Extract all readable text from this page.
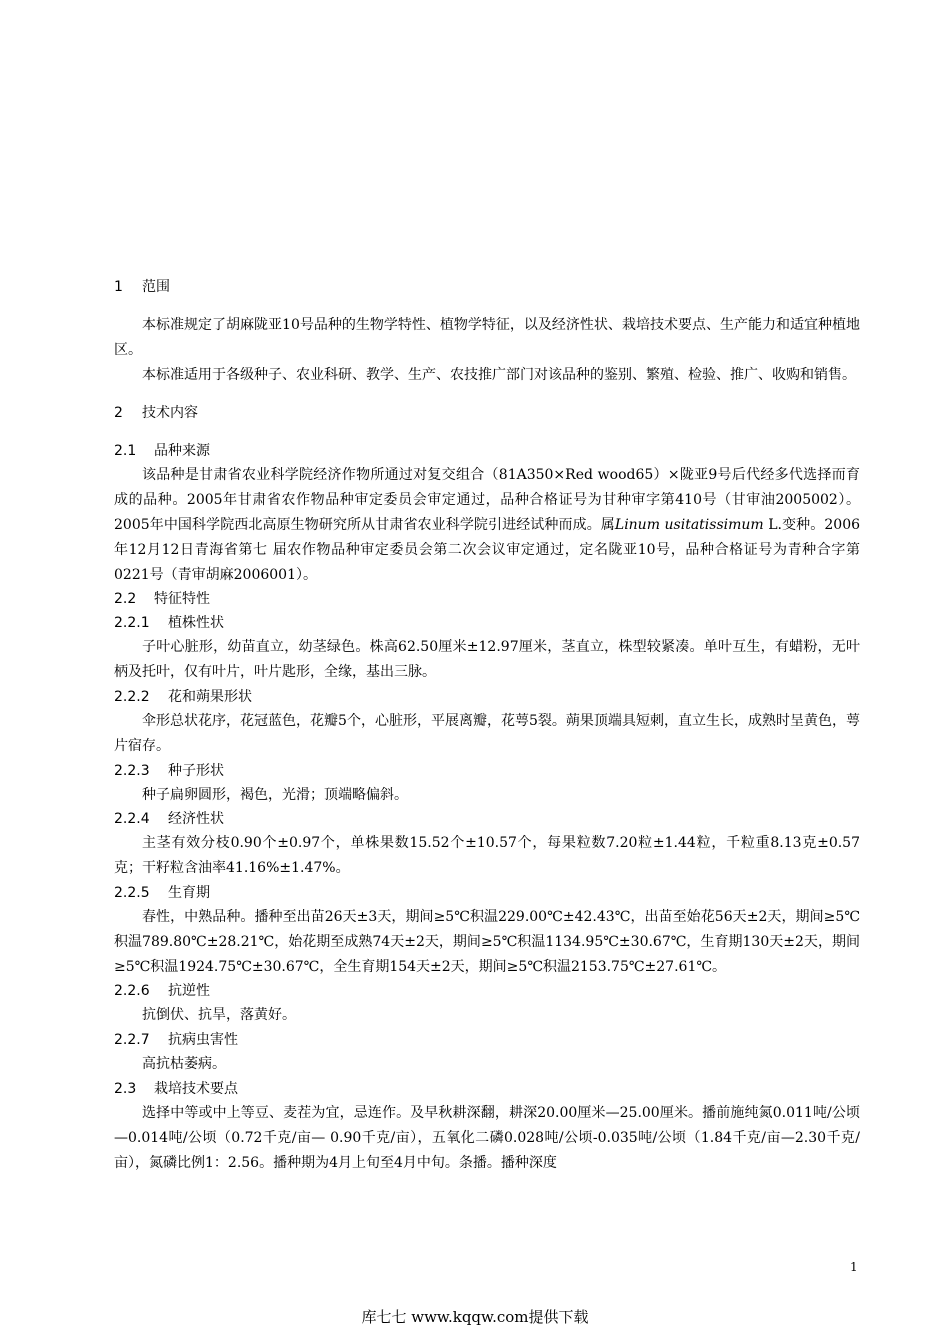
1 范围

本标准规定了胡麻陇亚10号品种的生物学特性、植物学特征，以及经济性状、栽培技术要点、生产能力和适宜种植地区。

本标准适用于各级种子、农业科研、教学、生产、农技推广部门对该品种的鉴别、繁殖、检验、推广、收购和销售。

2 技术内容
2.1 品种来源

该品种是甘肃省农业科学院经济作物所通过对复交组合（81A350×Red wood65）×陇亚9号后代经多代选择而育成的品种。2005年甘肃省农作物品种审定委员会审定通过，品种合格证号为甘种审字第410号（甘审油2005002）。2005年中国科学院西北高原生物研究所从甘肃省农业科学院引进经试种而成。属Linum usitatissimum L.变种。2006年12月12日青海省第七 届农作物品种审定委员会第二次会议审定通过，定名陇亚10号，品种合格证号为青种合字第0221号（青审胡麻2006001）。

2.2 特征特性
2.2.1 植株性状

子叶心脏形，幼苗直立，幼茎绿色。株高62.50厘米±12.97厘米，茎直立，株型较紧凑。单叶互生，有蜡粉，无叶柄及托叶，仅有叶片，叶片匙形，全缘，基出三脉。

2.2.2 花和蒴果形状

伞形总状花序，花冠蓝色，花瓣5个，心脏形，平展离瓣，花萼5裂。蒴果顶端具短刺，直立生长，成熟时呈黄色，萼片宿存。

2.2.3 种子形状

种子扁卵圆形，褐色，光滑；顶端略偏斜。

2.2.4 经济性状

主茎有效分枝0.90个±0.97个，单株果数15.52个±10.57个，每果粒数7.20粒±1.44粒，千粒重8.13克±0.57克；干籽粒含油率41.16%±1.47%。

2.2.5 生育期

春性，中熟品种。播种至出苗26天±3天，期间≥5℃积温229.00℃±42.43℃，出苗至始花56天±2天，期间≥5℃积温789.80℃±28.21℃，始花期至成熟74天±2天，期间≥5℃积温1134.95℃±30.67℃，生育期130天±2天，期间≥5℃积温1924.75℃±30.67℃，全生育期154天±2天，期间≥5℃积温2153.75℃±27.61℃。

2.2.6 抗逆性

抗倒伏、抗旱，落黄好。

2.2.7 抗病虫害性

高抗枯萎病。

2.3 栽培技术要点

选择中等或中上等豆、麦茬为宜，忌连作。及早秋耕深翻，耕深20.00厘米—25.00厘米。播前施纯氮0.011吨/公顷—0.014吨/公顷（0.72千克/亩— 0.90千克/亩），五氧化二磷0.028吨/公顷-0.035吨/公顷（1.84千克/亩—2.30千克/亩），氮磷比例1：2.56。播种期为4月上旬至4月中旬。条播。播种深度

1
库七七 www.kqqw.com提供下载
